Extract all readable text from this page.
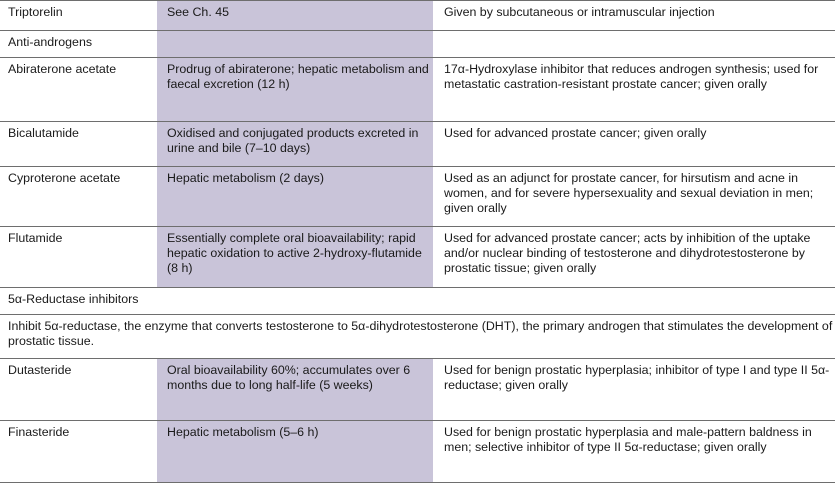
Triptorelin	See Ch. 45	Given by subcutaneous or intramuscular injection

Anti-androgens		

Abiraterone acetate	Prodrug of abiraterone; hepatic metabolism and faecal excretion (12 h)	17α-Hydroxylase inhibitor that reduces androgen synthesis; used for metastatic castration-resistant prostate cancer; given orally

Bicalutamide	Oxidised and conjugated products excreted in urine and bile (7–10 days)	Used for advanced prostate cancer; given orally

Cyproterone acetate	Hepatic metabolism (2 days)	Used as an adjunct for prostate cancer, for hirsutism and acne in women, and for severe hypersexuality and sexual deviation in men; given orally

Flutamide	Essentially complete oral bioavailability; rapid hepatic oxidation to active 2-hydroxy-flutamide (8 h)	Used for advanced prostate cancer; acts by inhibition of the uptake and/or nuclear binding of testosterone and dihydrotestosterone by prostatic tissue; given orally

5α-Reductase inhibitors		

Inhibit 5α-reductase, the enzyme that converts testosterone to 5α-dihydrotestosterone (DHT), the primary androgen that stimulates the development of prostatic tissue.		

Dutasteride	Oral bioavailability 60%; accumulates over 6 months due to long half-life (5 weeks)	Used for benign prostatic hyperplasia; inhibitor of type I and type II 5α-reductase; given orally

Finasteride	Hepatic metabolism (5–6 h)	Used for benign prostatic hyperplasia and male-pattern baldness in men; selective inhibitor of type II 5α-reductase; given orally
